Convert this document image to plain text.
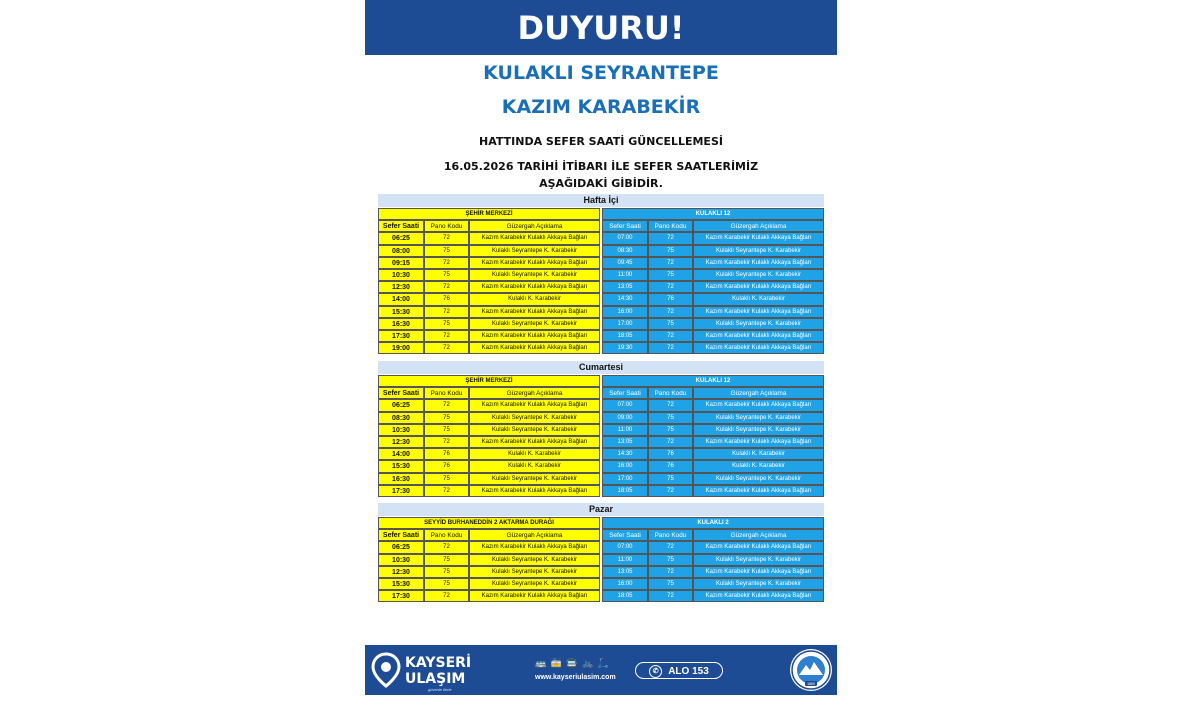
DUYURU!
KULAKLI SEYRANTEPE
KAZIM KARABEKİR
HATTINDA SEFER SAATİ GÜNCELLEMESİ
16.05.2026 TARİHİ İTİBARI İLE SEFER SAATLERİMİZ
AŞAĞIDAKİ GİBİDİR.
Hafta İçi
ŞEHİR MERKEZİ
Sefer Saati	Pano Kodu	Güzergah Açıklama
06:25	72	Kazım Karabekir Kulaklı Akkaya Bağları
08:00	75	Kulaklı Seyrantepe K. Karabekir
09:15	72	Kazım Karabekir Kulaklı Akkaya Bağları
10:30	75	Kulaklı Seyrantepe K. Karabekir
12:30	72	Kazım Karabekir Kulaklı Akkaya Bağları
14:00	76	Kulaklı K. Karabekir
15:30	72	Kazım Karabekir Kulaklı Akkaya Bağları
16:30	75	Kulaklı Seyrantepe K. Karabekir
17:30	72	Kazım Karabekir Kulaklı Akkaya Bağları
19:00	72	Kazım Karabekir Kulaklı Akkaya Bağları
KULAKLI 12
Sefer Saati	Pano Kodu	Güzergah Açıklama
07:00	72	Kazım Karabekir Kulaklı Akkaya Bağları
08:30	75	Kulaklı Seyrantepe K. Karabekir
09:45	72	Kazım Karabekir Kulaklı Akkaya Bağları
11:00	75	Kulaklı Seyrantepe K. Karabekir
13:05	72	Kazım Karabekir Kulaklı Akkaya Bağları
14:30	76	Kulaklı K. Karabekir
16:00	72	Kazım Karabekir Kulaklı Akkaya Bağları
17:00	75	Kulaklı Seyrantepe K. Karabekir
18:05	72	Kazım Karabekir Kulaklı Akkaya Bağları
19:30	72	Kazım Karabekir Kulaklı Akkaya Bağları
Cumartesi
ŞEHİR MERKEZİ
Sefer Saati	Pano Kodu	Güzergah Açıklama
06:25	72	Kazım Karabekir Kulaklı Akkaya Bağları
08:30	75	Kulaklı Seyrantepe K. Karabekir
10:30	75	Kulaklı Seyrantepe K. Karabekir
12:30	72	Kazım Karabekir Kulaklı Akkaya Bağları
14:00	76	Kulaklı K. Karabekir
15:30	76	Kulaklı K. Karabekir
16:30	75	Kulaklı Seyrantepe K. Karabekir
17:30	72	Kazım Karabekir Kulaklı Akkaya Bağları
KULAKLI 12
Sefer Saati	Pano Kodu	Güzergah Açıklama
07:00	72	Kazım Karabekir Kulaklı Akkaya Bağları
09:00	75	Kulaklı Seyrantepe K. Karabekir
11:00	75	Kulaklı Seyrantepe K. Karabekir
13:05	72	Kazım Karabekir Kulaklı Akkaya Bağları
14:30	76	Kulaklı K. Karabekir
16:00	76	Kulaklı K. Karabekir
17:00	75	Kulaklı Seyrantepe K. Karabekir
18:05	72	Kazım Karabekir Kulaklı Akkaya Bağları
Pazar
SEYYİD BURHANEDDİN 2 AKTARMA DURAĞI
Sefer Saati	Pano Kodu	Güzergah Açıklama
06:25	72	Kazım Karabekir Kulaklı Akkaya Bağları
10:30	75	Kulaklı Seyrantepe K. Karabekir
12:30	75	Kulaklı Seyrantepe K. Karabekir
15:30	75	Kulaklı Seyrantepe K. Karabekir
17:30	72	Kazım Karabekir Kulaklı Akkaya Bağları
KULAKLI 2
Sefer Saati	Pano Kodu	Güzergah Açıklama
07:00	72	Kazım Karabekir Kulaklı Akkaya Bağları
11:00	75	Kulaklı Seyrantepe K. Karabekir
13:05	72	Kazım Karabekir Kulaklı Akkaya Bağları
16:00	75	Kulaklı Seyrantepe K. Karabekir
18:05	72	Kazım Karabekir Kulaklı Akkaya Bağları
KAYSERİ
ULAŞIM
güvenle ilerle
🚌 🚋 🚍 🚲 🛴
www.kayseriulasim.com
✆ ALO 153
1869
